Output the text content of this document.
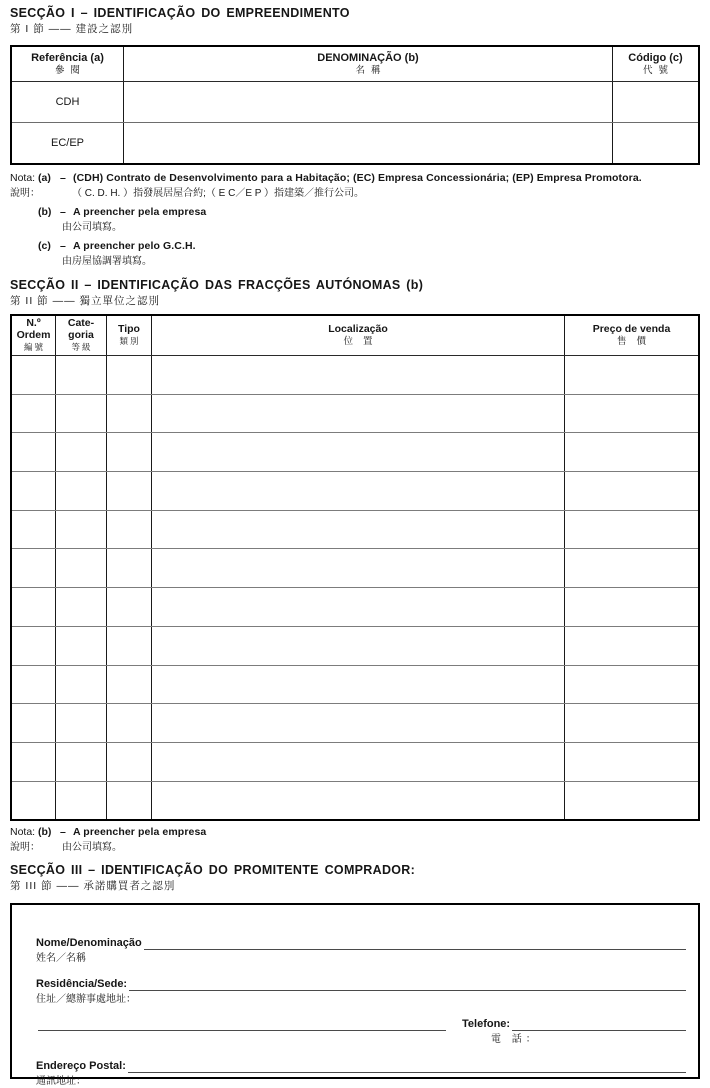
SECÇÃO I – IDENTIFICAÇÃO DO EMPREENDIMENTO
第 I 節 —— 建設之認別
Referência (a)
參閱
DENOMINAÇÃO (b)
名稱
Código (c)
代號
CDH
EC/EP
Nota: (a) – (CDH) Contrato de Desenvolvimento para a Habitação; (EC) Empresa Concessionária; (EP) Empresa Promotora.
說明：	（ C. D. H. ）指發展居屋合約;（ E C／E P ）指建築／推行公司。
(b) – A preencher pela empresa
由公司填寫。
(c) – A preencher pelo G.C.H.
由房屋協調署填寫。
SECÇÃO II – IDENTIFICAÇÃO DAS FRACÇÕES AUTÓNOMAS (b)
第 II 節 —— 獨立單位之認別
N.º
Ordem
編號
Cate-
goria
等級
Tipo
類別
Localização
位置
Preço de venda
售價
Nota: (b) – A preencher pela empresa
說明：	由公司填寫。
SECÇÃO III – IDENTIFICAÇÃO DO PROMITENTE COMPRADOR:
第 III 節 —— 承諾購買者之認別
Nome/Denominação
姓名／名稱
Residência/Sede:
住址／總辦事處地址：
Telefone:
電 話：
Endereço Postal:
通訊地址：
